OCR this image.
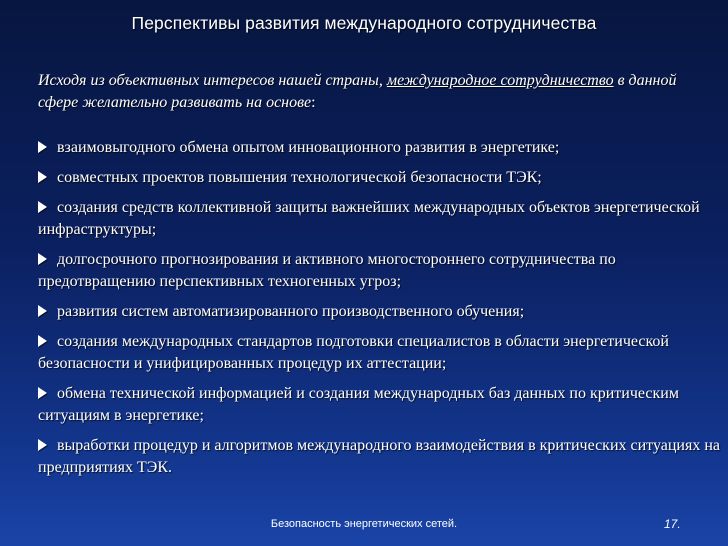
Перспективы развития международного сотрудничества
Исходя из объективных интересов нашей страны, международное сотрудничество в данной сфере желательно развивать на основе:
взаимовыгодного обмена опытом инновационного развития в энергетике;
совместных проектов повышения технологической безопасности ТЭК;
создания средств коллективной защиты важнейших международных объектов энергетической инфраструктуры;
долгосрочного прогнозирования и активного многостороннего сотрудничества по предотвращению перспективных техногенных угроз;
развития систем автоматизированного производственного обучения;
создания международных стандартов подготовки специалистов в области энергетической безопасности и унифицированных процедур их аттестации;
обмена технической информацией и создания международных баз данных по критическим ситуациям в энергетике;
выработки процедур и алгоритмов международного взаимодействия в критических ситуациях на предприятиях ТЭК.
Безопасность энергетических сетей.	17.
